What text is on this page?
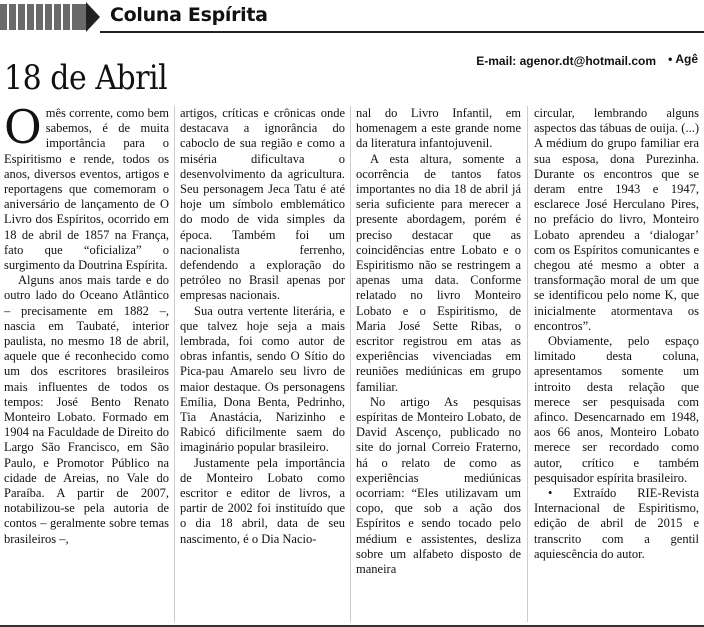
Coluna Espírita
E-mail: agenor.dt@hotmail.com • Agê
18 de Abril

Omês corrente, como bem sabemos, é de muita importância para o Espiritismo e rende, todos os anos, diversos eventos, artigos e reportagens que comemoram o aniversário de lançamento de O Livro dos Espíritos, ocorrido em 18 de abril de 1857 na França, fato que “oficializa” o surgimento da Doutrina Espírita.

Alguns anos mais tarde e do outro lado do Oceano Atlântico – precisamente em 1882 –, nascia em Taubaté, interior paulista, no mesmo 18 de abril, aquele que é reconhecido como um dos escritores brasileiros mais influentes de todos os tempos: José Bento Renato Monteiro Lobato. Formado em 1904 na Faculdade de Direito do Largo São Francisco, em São Paulo, e Promotor Público na cidade de Areias, no Vale do Paraíba. A partir de 2007, notabilizou-se pela autoria de contos – geralmente sobre temas brasileiros –,

artigos, críticas e crônicas onde destacava a ignorância do caboclo de sua região e como a miséria dificultava o desenvolvimento da agricultura. Seu personagem Jeca Tatu é até hoje um símbolo emblemático do modo de vida simples da época. Também foi um nacionalista ferrenho, defendendo a exploração do petróleo no Brasil apenas por empresas nacionais.

Sua outra vertente literária, e que talvez hoje seja a mais lembrada, foi como autor de obras infantis, sendo O Sítio do Pica-pau Amarelo seu livro de maior destaque. Os personagens Emília, Dona Benta, Pedrinho, Tia Anastácia, Narizinho e Rabicó dificilmente saem do imaginário popular brasileiro.

Justamente pela importância de Monteiro Lobato como escritor e editor de livros, a partir de 2002 foi instituído que o dia 18 abril, data de seu nascimento, é o Dia Nacio-

nal do Livro Infantil, em homenagem a este grande nome da literatura infantojuvenil.

A esta altura, somente a ocorrência de tantos fatos importantes no dia 18 de abril já seria suficiente para merecer a presente abordagem, porém é preciso destacar que as coincidências entre Lobato e o Espiritismo não se restringem a apenas uma data. Conforme relatado no livro Monteiro Lobato e o Espiritismo, de Maria José Sette Ribas, o escritor registrou em atas as experiências vivenciadas em reuniões mediúnicas em grupo familiar.

No artigo As pesquisas espíritas de Monteiro Lobato, de David Ascenço, publicado no site do jornal Correio Fraterno, há o relato de como as experiências mediúnicas ocorriam: “Eles utilizavam um copo, que sob a ação dos Espíritos e sendo tocado pelo médium e assistentes, desliza sobre um alfabeto disposto de maneira

circular, lembrando alguns aspectos das tábuas de ouija. (...) A médium do grupo familiar era sua esposa, dona Purezinha. Durante os encontros que se deram entre 1943 e 1947, esclarece José Herculano Pires, no prefácio do livro, Monteiro Lobato aprendeu a ‘dialogar’ com os Espíritos comunicantes e chegou até mesmo a obter a transformação moral de um que se identificou pelo nome K, que inicialmente atormentava os encontros”.

Obviamente, pelo espaço limitado desta coluna, apresentamos somente um introito desta relação que merece ser pesquisada com afinco. Desencarnado em 1948, aos 66 anos, Monteiro Lobato merece ser recordado como autor, crítico e também pesquisador espírita brasileiro.

• Extraído RIE-Revista Internacional de Espiritismo, edição de abril de 2015 e transcrito com a gentil aquiescência do autor.
